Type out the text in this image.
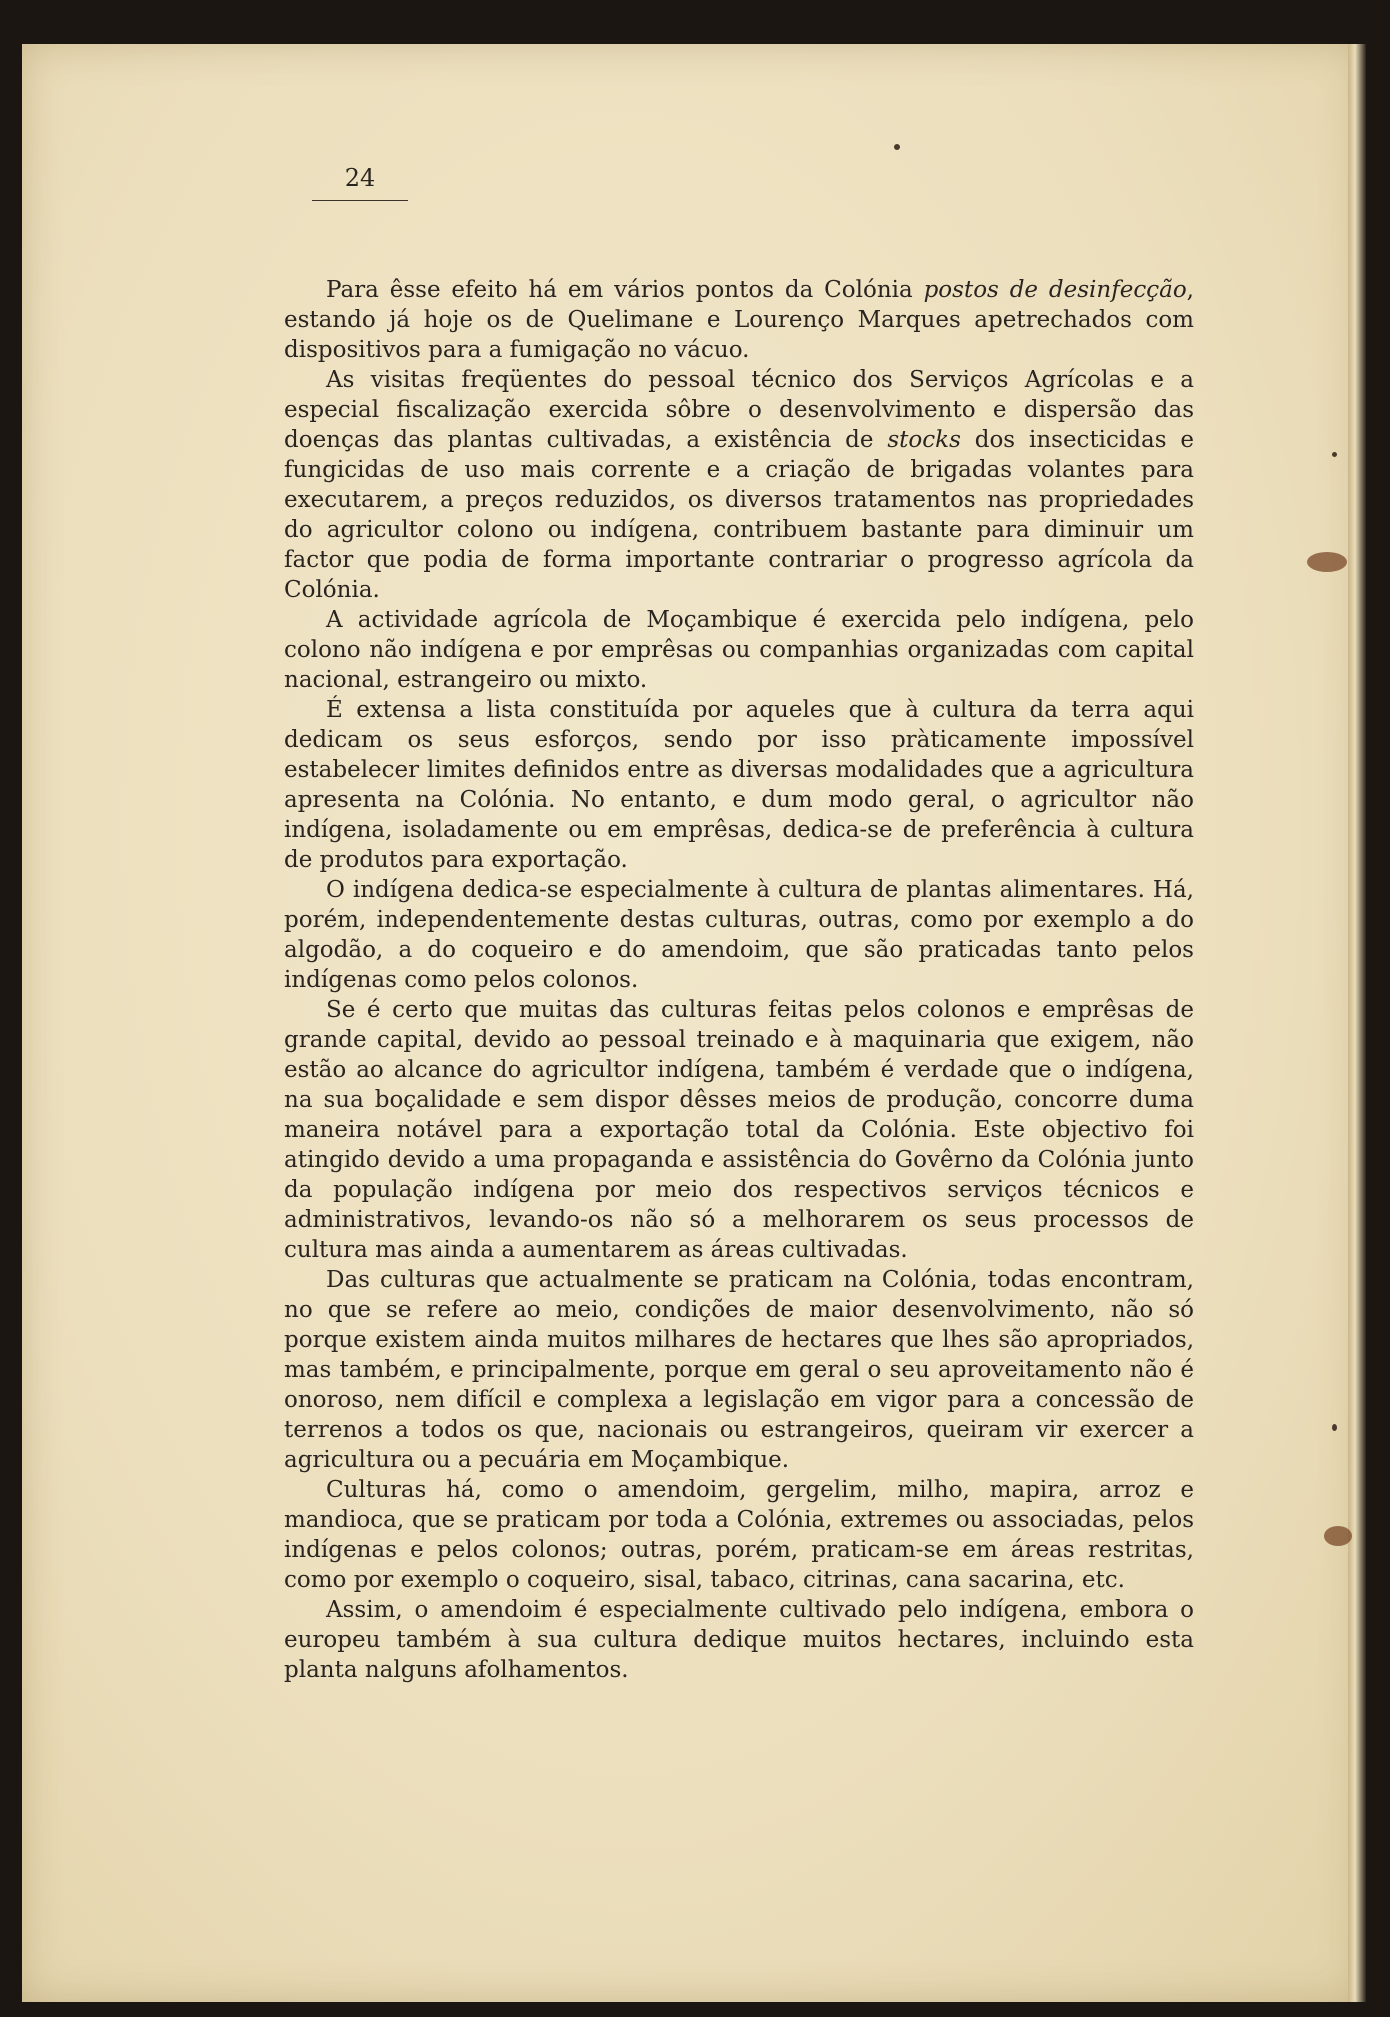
24

Para êsse efeito há em vários pontos da Colónia postos de desinfecção, estando já hoje os de Quelimane e Lourenço Marques apetrechados com dispositivos para a fumigação no vácuo.

As visitas freqüentes do pessoal técnico dos Serviços Agrícolas e a especial fiscalização exercida sôbre o desenvolvimento e dispersão das doenças das plantas cultivadas, a existência de stocks dos insecticidas e fungicidas de uso mais corrente e a criação de brigadas volantes para executarem, a preços reduzidos, os diversos tratamentos nas propriedades do agricultor colono ou indígena, contribuem bastante para diminuir um factor que podia de forma importante contrariar o progresso agrícola da Colónia.

A actividade agrícola de Moçambique é exercida pelo indígena, pelo colono não indígena e por emprêsas ou companhias organizadas com capital nacional, estrangeiro ou mixto.

É extensa a lista constituída por aqueles que à cultura da terra aqui dedicam os seus esforços, sendo por isso pràticamente impossível estabelecer limites definidos entre as diversas modalidades que a agricultura apresenta na Colónia. No entanto, e dum modo geral, o agricultor não indígena, isoladamente ou em emprêsas, dedica-se de preferência à cultura de produtos para exportação.

O indígena dedica-se especialmente à cultura de plantas alimentares. Há, porém, independentemente destas culturas, outras, como por exemplo a do algodão, a do coqueiro e do amendoim, que são praticadas tanto pelos indígenas como pelos colonos.

Se é certo que muitas das culturas feitas pelos colonos e emprêsas de grande capital, devido ao pessoal treinado e à maquinaria que exigem, não estão ao alcance do agricultor indígena, também é verdade que o indígena, na sua boçalidade e sem dispor dêsses meios de produção, concorre duma maneira notável para a exportação total da Colónia. Este objectivo foi atingido devido a uma propaganda e assistência do Govêrno da Colónia junto da população indígena por meio dos respectivos serviços técnicos e administrativos, levando-os não só a melhorarem os seus processos de cultura mas ainda a aumentarem as áreas cultivadas.

Das culturas que actualmente se praticam na Colónia, todas encontram, no que se refere ao meio, condições de maior desenvolvimento, não só porque existem ainda muitos milhares de hectares que lhes são apropriados, mas também, e principalmente, porque em geral o seu aproveitamento não é onoroso, nem difícil e complexa a legislação em vigor para a concessão de terrenos a todos os que, nacionais ou estrangeiros, queiram vir exercer a agricultura ou a pecuária em Moçambique.

Culturas há, como o amendoim, gergelim, milho, mapira, arroz e mandioca, que se praticam por toda a Colónia, extremes ou associadas, pelos indígenas e pelos colonos; outras, porém, praticam-se em áreas restritas, como por exemplo o coqueiro, sisal, tabaco, citrinas, cana sacarina, etc.

Assim, o amendoim é especialmente cultivado pelo indígena, embora o europeu também à sua cultura dedique muitos hectares, incluindo esta planta nalguns afolhamentos.
